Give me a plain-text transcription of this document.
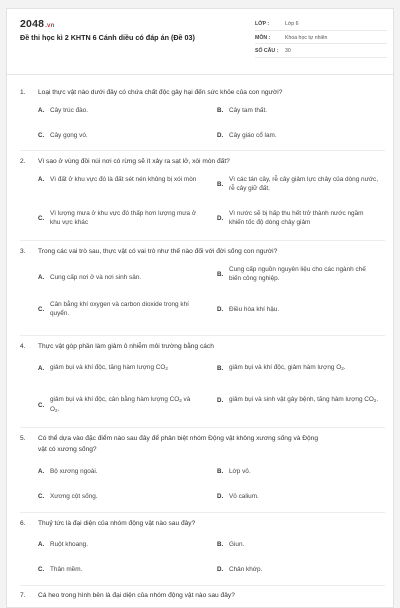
2048.vn
Đề thi học kì 2 KHTN 6 Cánh diều có đáp án (Đề 03)
LỚP :	Lớp 6
MÔN :	Khoa học tự nhiên
SỐ CÂU :	30
1. Loại thực vật nào dưới đây có chứa chất độc gây hại đến sức khỏe của con người?
A. Cây trúc đào.	B. Cây tam thất.
C. Cây gọng vó.	D. Cây giáo cổ lam.
2. Vì sao ở vùng đồi núi nơi có rừng sẽ ít xảy ra sạt lở, xói mòn đất?
A. Vì đất ở khu vực đó là đất sét nén không bị xói mòn
B.
Vì các tán cây, rễ cây giảm lực chảy của dòng nước, rễ cây giữ đất.
C.
Vì lượng mưa ở khu vực đó thấp hơn lượng mưa ở khu vực khác
D.
Vì nước sẽ bị hấp thu hết trở thành nước ngầm khiến tốc độ dòng chảy giảm
3. Trong các vai trò sau, thực vật có vai trò như thế nào đối với đời sống con người?
A. Cung cấp nơi ở và nơi sinh sản.	B.
Cung cấp nguồn nguyên liệu cho các ngành chế biến công nghiệp.
C.
Cân bằng khí oxygen và carbon dioxide trong khí quyển.
D. Điều hòa khí hậu.
4. Thực vật góp phần làm giảm ô nhiễm môi trường bằng cách
A. giảm bụi và khí độc, tăng hàm lượng $CO_2$	B. giảm bụi và khí độc, giảm hàm lượng $O_2$.
C.
giảm bụi và khí độc, cân bằng hàm lượng $CO_2$ và $O_2$.
D. giảm bụi và sinh vật gây bệnh, tăng hàm lượng $CO_2$.
5. Có thể dựa vào đặc điểm nào sau đây để phân biệt nhóm Động vật không xương sống và Động
vật có xương sống?
A. Bộ xương ngoài.	B. Lớp vỏ.
C. Xương cột sống.	D. Vỏ calium.
6. Thuỷ tức là đại diện của nhóm động vật nào sau đây?
A. Ruột khoang.	B. Giun.
C. Thân mềm.	D. Chân khớp.
7. Cá heo trong hình bên là đại diện của nhóm động vật nào sau đây?
